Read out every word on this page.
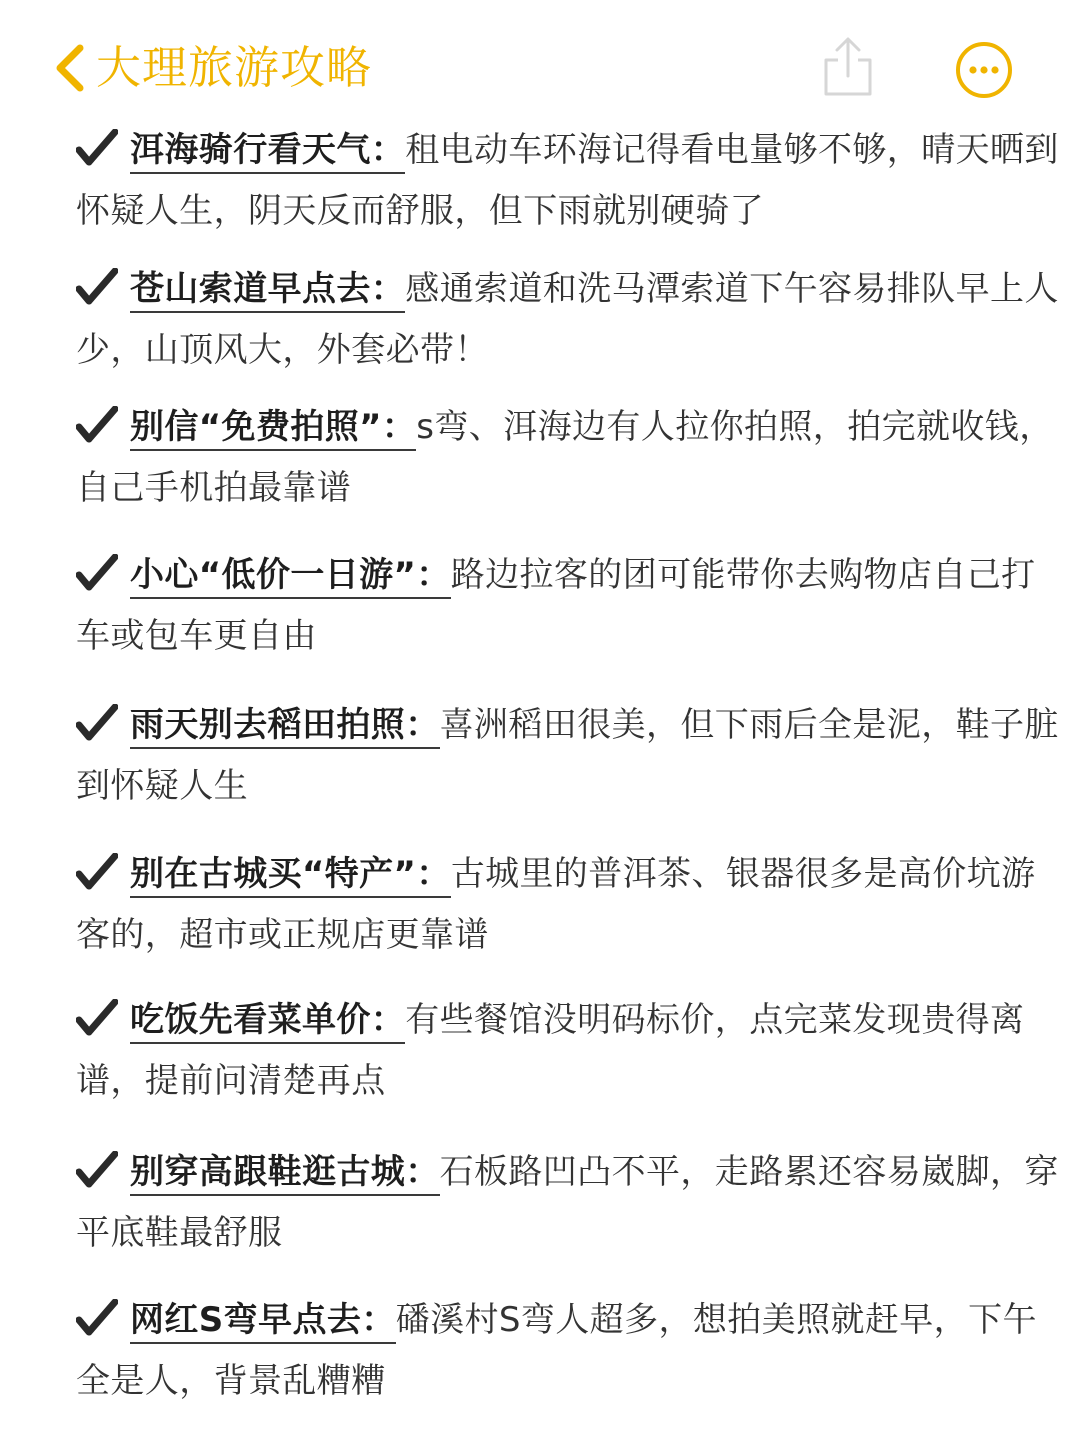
大理旅游攻略
洱海骑行看天气：租电动车环海记得看电量够不够，晴天晒到怀疑人生，阴天反而舒服，但下雨就别硬骑了
苍山索道早点去：感通索道和洗马潭索道下午容易排队早上人少，山顶风大，外套必带！
别信“免费拍照”：s弯、洱海边有人拉你拍照，拍完就收钱，自己手机拍最靠谱
小心“低价一日游”：路边拉客的团可能带你去购物店自己打车或包车更自由
雨天别去稻田拍照：喜洲稻田很美，但下雨后全是泥，鞋子脏到怀疑人生
别在古城买“特产”：古城里的普洱茶、银器很多是高价坑游客的，超市或正规店更靠谱
吃饭先看菜单价：有些餐馆没明码标价，点完菜发现贵得离谱，提前问清楚再点
别穿高跟鞋逛古城：石板路凹凸不平，走路累还容易崴脚，穿平底鞋最舒服
网红S弯早点去：磻溪村S弯人超多，想拍美照就赶早，下午全是人，背景乱糟糟
